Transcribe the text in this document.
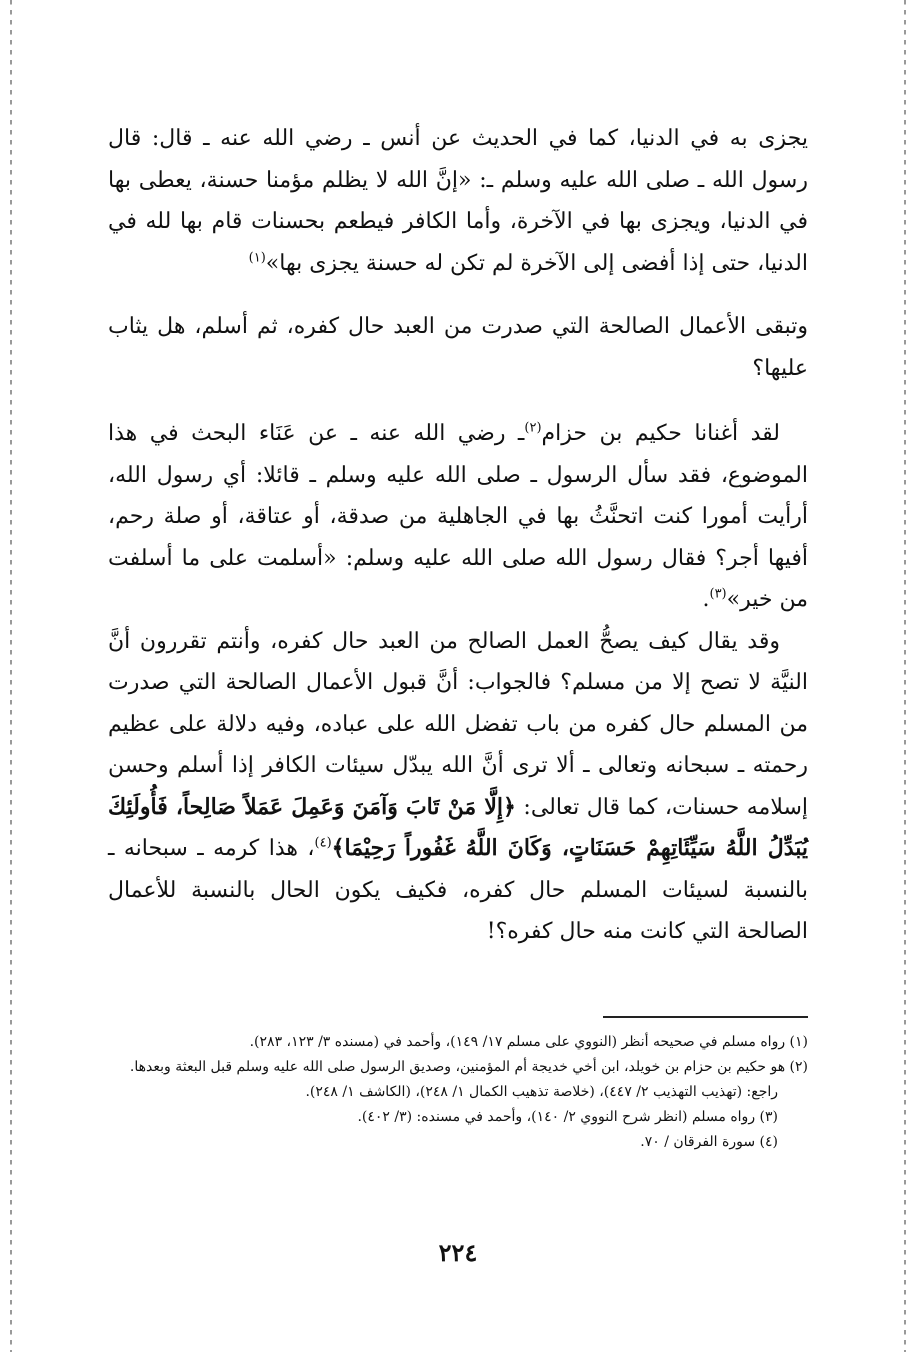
يجزى به في الدنيا، كما في الحديث عن أنس ـ رضي الله عنه ـ قال: قال رسول الله ـ صلى الله عليه وسلم ـ: «إنَّ الله لا يظلم مؤمنا حسنة، يعطى بها في الدنيا، ويجزى بها في الآخرة، وأما الكافر فيطعم بحسنات قام بها لله في الدنيا، حتى إذا أفضى إلى الآخرة لم تكن له حسنة يجزى بها»$^{(١)}$

وتبقى الأعمال الصالحة التي صدرت من العبد حال كفره، ثم أسلم، هل يثاب عليها؟

لقد أغنانا حكيم بن حزام$^{(٢)}$ـ رضي الله عنه ـ عن عَنَاء البحث في هذا الموضوع، فقد سأل الرسول ـ صلى الله عليه وسلم ـ قائلا: أي رسول الله، أرأيت أمورا كنت اتحنَّثُ بها في الجاهلية من صدقة، أو عتاقة، أو صلة رحم، أفيها أجر؟ فقال رسول الله صلى الله عليه وسلم: «أسلمت على ما أسلفت من خير»$^{(٣)}$.

وقد يقال كيف يصحُّ العمل الصالح من العبد حال كفره، وأنتم تقررون أنَّ النيَّة لا تصح إلا من مسلم؟ فالجواب: أنَّ قبول الأعمال الصالحة التي صدرت من المسلم حال كفره من باب تفضل الله على عباده، وفيه دلالة على عظيم رحمته ـ سبحانه وتعالى ـ ألا ترى أنَّ الله يبدّل سيئات الكافر إذا أسلم وحسن إسلامه حسنات، كما قال تعالى: ﴿إِلَّا مَنْ تَابَ وَآمَنَ وَعَمِلَ عَمَلاً صَالِحاً، فَأُولَئِكَ يُبَدِّلُ اللَّهُ سَيِّئَاتِهِمْ حَسَنَاتٍ، وَكَانَ اللَّهُ غَفُوراً رَحِيْمَا﴾$^{(٤)}$، هذا كرمه ـ سبحانه ـ بالنسبة لسيئات المسلم حال كفره، فكيف يكون الحال بالنسبة للأعمال الصالحة التي كانت منه حال كفره؟!

(١) رواه مسلم في صحيحه أنظر (النووي على مسلم ١٧/ ١٤٩)، وأحمد في (مسنده ٣/ ١٢٣، ٢٨٣).

(٢) هو حكيم بن حزام بن خويلد، ابن أخي خديجة أم المؤمنين، وصديق الرسول صلى الله عليه وسلم قبل البعثة وبعدها.

راجع: (تهذيب التهذيب ٢/ ٤٤٧)، (خلاصة تذهيب الكمال ١/ ٢٤٨)، (الكاشف ١/ ٢٤٨).

(٣) رواه مسلم (انظر شرح النووي ٢/ ١٤٠)، وأحمد في مسنده: (٣/ ٤٠٢).

(٤) سورة الفرقان / ٧٠.

٢٢٤
